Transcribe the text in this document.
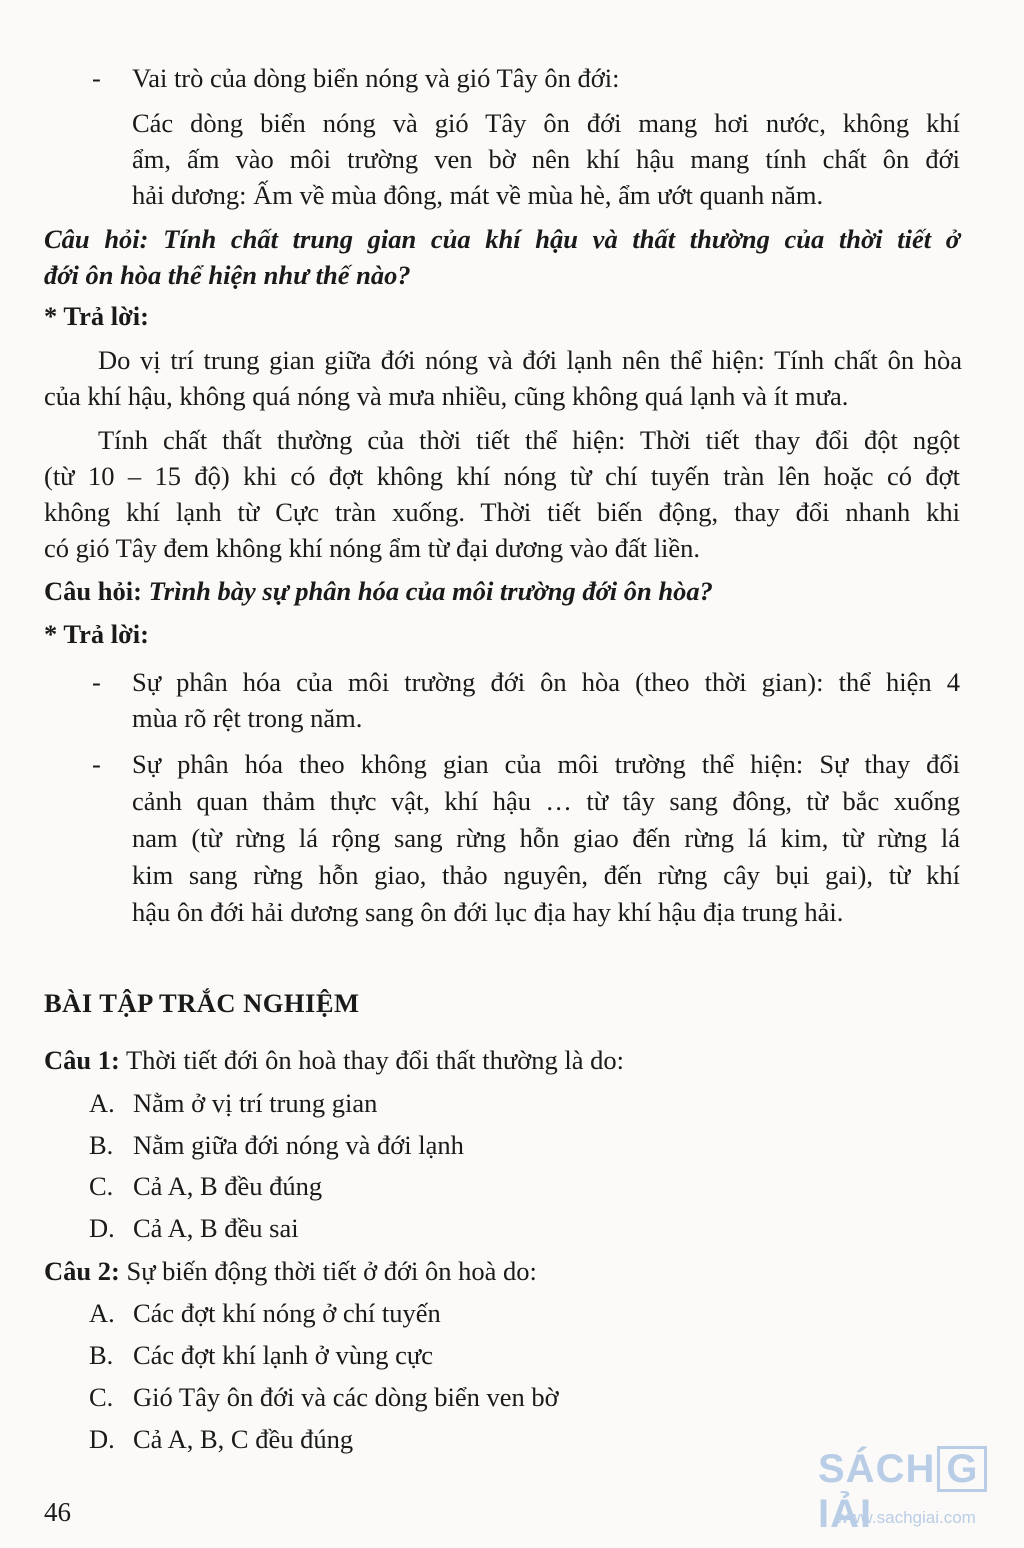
- Vai trò của dòng biển nóng và gió Tây ôn đới:
Các dòng biển nóng và gió Tây ôn đới mang hơi nước, không khí
ẩm, ấm vào môi trường ven bờ nên khí hậu mang tính chất ôn đới
hải dương: Ấm về mùa đông, mát về mùa hè, ẩm ướt quanh năm.
Câu hỏi: Tính chất trung gian của khí hậu và thất thường của thời tiết ở
đới ôn hòa thể hiện như thế nào?
* Trả lời:
Do vị trí trung gian giữa đới nóng và đới lạnh nên thể hiện: Tính chất ôn hòa
của khí hậu, không quá nóng và mưa nhiều, cũng không quá lạnh và ít mưa.
Tính chất thất thường của thời tiết thể hiện: Thời tiết thay đổi đột ngột
(từ 10 – 15 độ) khi có đợt không khí nóng từ chí tuyến tràn lên hoặc có đợt
không khí lạnh từ Cực tràn xuống. Thời tiết biến động, thay đổi nhanh khi
có gió Tây đem không khí nóng ẩm từ đại dương vào đất liền.
Câu hỏi: Trình bày sự phân hóa của môi trường đới ôn hòa?
* Trả lời:
- Sự phân hóa của môi trường đới ôn hòa (theo thời gian): thể hiện 4
mùa rõ rệt trong năm.
- Sự phân hóa theo không gian của môi trường thể hiện: Sự thay đổi
cảnh quan thảm thực vật, khí hậu … từ tây sang đông, từ bắc xuống
nam (từ rừng lá rộng sang rừng hỗn giao đến rừng lá kim, từ rừng lá
kim sang rừng hỗn giao, thảo nguyên, đến rừng cây bụi gai), từ khí
hậu ôn đới hải dương sang ôn đới lục địa hay khí hậu địa trung hải.
BÀI TẬP TRẮC NGHIỆM
Câu 1: Thời tiết đới ôn hoà thay đổi thất thường là do:
A. Nằm ở vị trí trung gian
B. Nằm giữa đới nóng và đới lạnh
C. Cả A, B đều đúng
D. Cả A, B đều sai
Câu 2: Sự biến động thời tiết ở đới ôn hoà do:
A. Các đợt khí nóng ở chí tuyến
B. Các đợt khí lạnh ở vùng cực
C. Gió Tây ôn đới và các dòng biển ven bờ
D. Cả A, B, C đều đúng
46
SÁCH GIẢI
www.sachgiai.com
